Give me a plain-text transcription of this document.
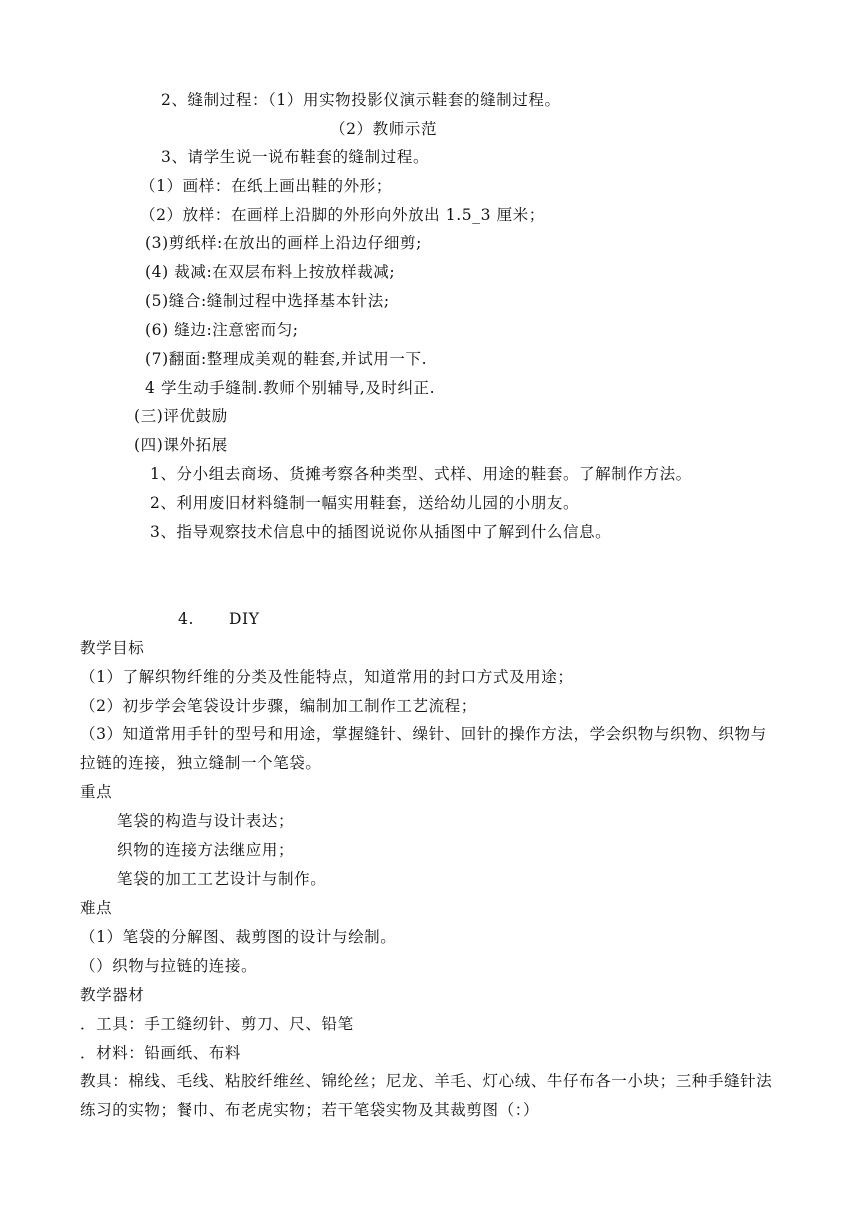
2、缝制过程：（1）用实物投影仪演示鞋套的缝制过程。
（2）教师示范
3、请学生说一说布鞋套的缝制过程。
（1）画样：在纸上画出鞋的外形；
（2）放样：在画样上沿脚的外形向外放出 1.5_3 厘米；
(3)剪纸样:在放出的画样上沿边仔细剪;
(4) 裁减:在双层布料上按放样裁减;
(5)缝合:缝制过程中选择基本针法;
(6) 缝边:注意密而匀;
(7)翻面:整理成美观的鞋套,并试用一下.
4 学生动手缝制.教师个别辅导,及时纠正.
(三)评优鼓励
(四)课外拓展
1、分小组去商场、货摊考察各种类型、式样、用途的鞋套。了解制作方法。
2、利用废旧材料缝制一幅实用鞋套，送给幼儿园的小朋友。
3、指导观察技术信息中的插图说说你从插图中了解到什么信息。
4. DIY
教学目标
（1）了解织物纤维的分类及性能特点，知道常用的封口方式及用途；
（2）初步学会笔袋设计步骤，编制加工制作工艺流程；
（3）知道常用手针的型号和用途，掌握缝针、缲针、回针的操作方法，学会织物与织物、织物与拉链的连接，独立缝制一个笔袋。
重点
笔袋的构造与设计表达；
织物的连接方法继应用；
笔袋的加工工艺设计与制作。
难点
（1）笔袋的分解图、裁剪图的设计与绘制。
（）织物与拉链的连接。
教学器材
．工具：手工缝纫针、剪刀、尺、铅笔
．材料：铅画纸、布料
教具：棉线、毛线、粘胶纤维丝、锦纶丝；尼龙、羊毛、灯心绒、牛仔布各一小块；三种手缝针法练习的实物；餐巾、布老虎实物；若干笔袋实物及其裁剪图（：）
